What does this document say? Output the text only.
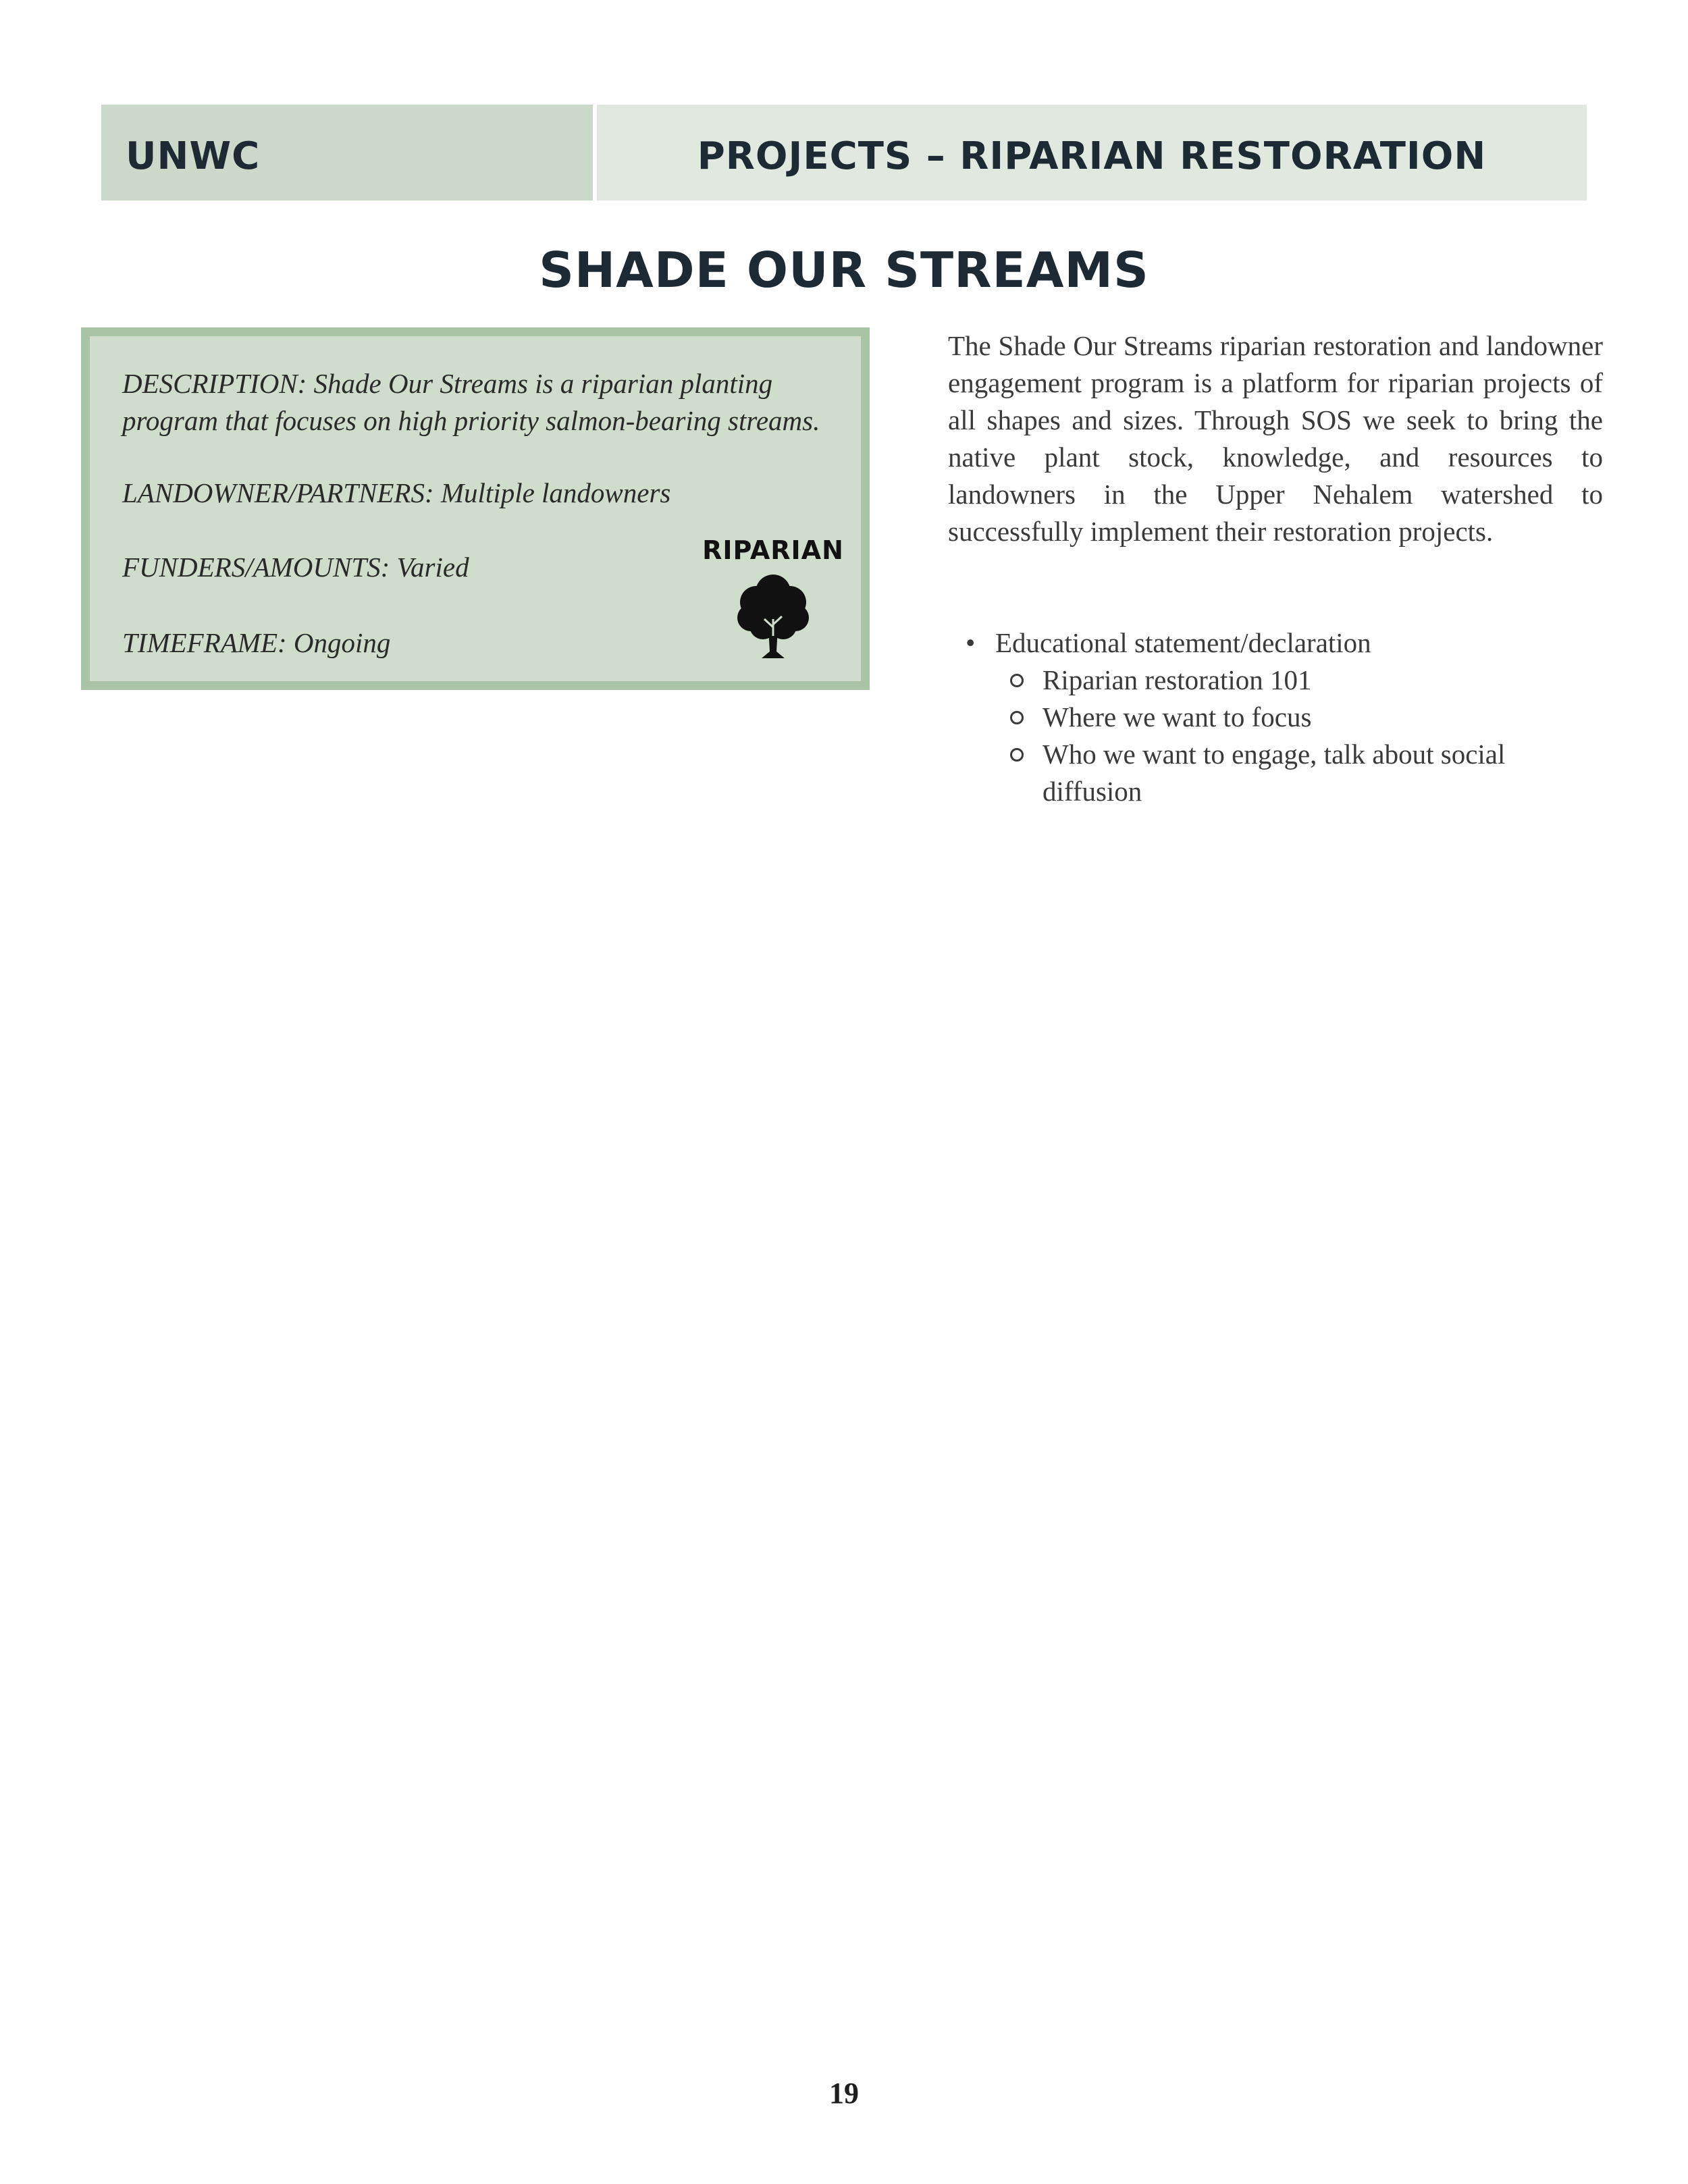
UNWC	PROJECTS – RIPARIAN RESTORATION
SHADE OUR STREAMS
DESCRIPTION: Shade Our Streams is a riparian planting program that focuses on high priority salmon-bearing streams.
LANDOWNER/PARTNERS: Multiple landowners
FUNDERS/AMOUNTS: Varied
TIMEFRAME: Ongoing
RIPARIAN
The Shade Our Streams riparian restoration and landowner engagement program is a platform for riparian projects of all shapes and sizes. Through SOS we seek to bring the native plant stock, knowledge, and resources to landowners in the Upper Nehalem watershed to successfully implement their restoration projects.
• Educational statement/declaration
Riparian restoration 101
Where we want to focus
Who we want to engage, talk about social diffusion
19
